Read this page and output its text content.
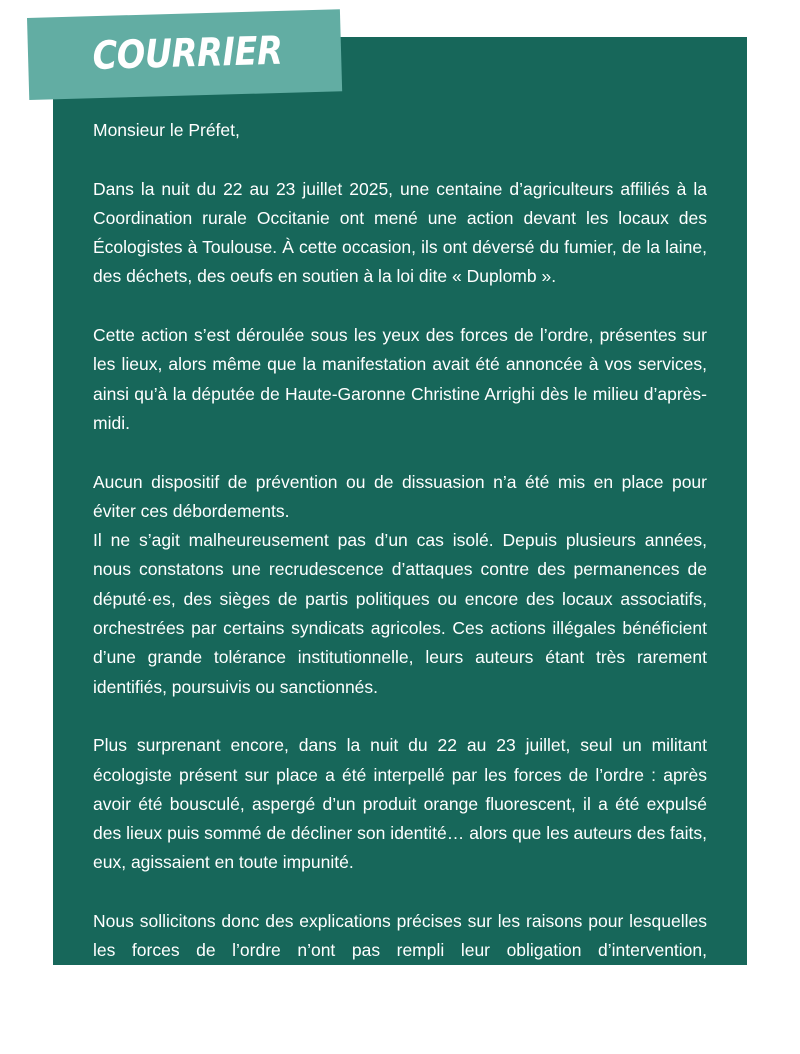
COURRIER

Monsieur le Préfet,

Dans la nuit du 22 au 23 juillet 2025, une centaine d’agriculteurs affiliés à la Coordination rurale Occitanie ont mené une action devant les locaux des Écologistes à Toulouse. À cette occasion, ils ont déversé du fumier, de la laine, des déchets, des oeufs en soutien à la loi dite « Duplomb ».

Cette action s’est déroulée sous les yeux des forces de l’ordre, présentes sur les lieux, alors même que la manifestation avait été annoncée à vos services, ainsi qu’à la députée de Haute-Garonne Christine Arrighi dès le milieu d’après-midi.

Aucun dispositif de prévention ou de dissuasion n’a été mis en place pour éviter ces débordements.

Il ne s’agit malheureusement pas d’un cas isolé. Depuis plusieurs années, nous constatons une recrudescence d’attaques contre des permanences de député·es, des sièges de partis politiques ou encore des locaux associatifs, orchestrées par certains syndicats agricoles. Ces actions illégales bénéficient d’une grande tolérance institutionnelle, leurs auteurs étant très rarement identifiés, poursuivis ou sanctionnés.

Plus surprenant encore, dans la nuit du 22 au 23 juillet, seul un militant écologiste présent sur place a été interpellé par les forces de l’ordre : après avoir été bousculé, aspergé d’un produit orange fluorescent, il a été expulsé des lieux puis sommé de décliner son identité… alors que les auteurs des faits, eux, agissaient en toute impunité.

Nous sollicitons donc des explications précises sur les raisons pour lesquelles les forces de l’ordre n’ont pas rempli leur obligation d’intervention, conformément à l’article L211-1 du Code de la sécurité intérieure, qui impose aux autorités de police de prévenir les atteintes à l’ordre public, et en particulier de protéger les personnes et les biens.
